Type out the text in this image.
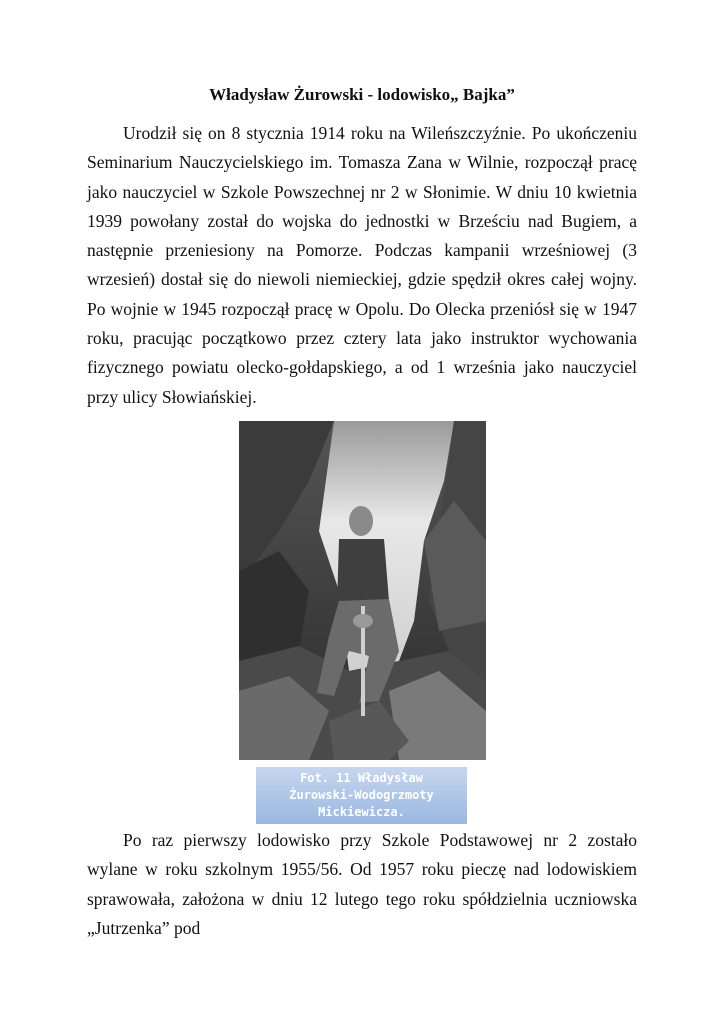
Władysław Żurowski - lodowisko„ Bajka”

Urodził się on 8 stycznia 1914 roku na Wileńszczyźnie. Po ukończeniu Seminarium Nauczycielskiego im. Tomasza Zana w Wilnie, rozpoczął pracę jako nauczyciel w Szkole Powszechnej nr 2 w Słonimie. W dniu 10 kwietnia 1939 powołany został do wojska do jednostki w Brześciu nad Bugiem, a następnie przeniesiony na Pomorze. Podczas kampanii wrześniowej (3 wrzesień) dostał się do niewoli niemieckiej, gdzie spędził okres całej wojny. Po wojnie w 1945 rozpoczął pracę w Opolu. Do Olecka przeniósł się w 1947 roku, pracując początkowo przez cztery lata jako instruktor wychowania fizycznego powiatu olecko-gołdapskiego, a od 1 września jako nauczyciel przy ulicy Słowiańskiej.

Fot. 11 Władysław
Żurowski-Wodogrzmoty
Mickiewicza.

Po raz pierwszy lodowisko przy Szkole Podstawowej nr 2 zostało wylane w roku szkolnym 1955/56. Od 1957 roku pieczę nad lodowiskiem sprawowała, założona w dniu 12 lutego tego roku spółdzielnia uczniowska „Jutrzenka” pod
